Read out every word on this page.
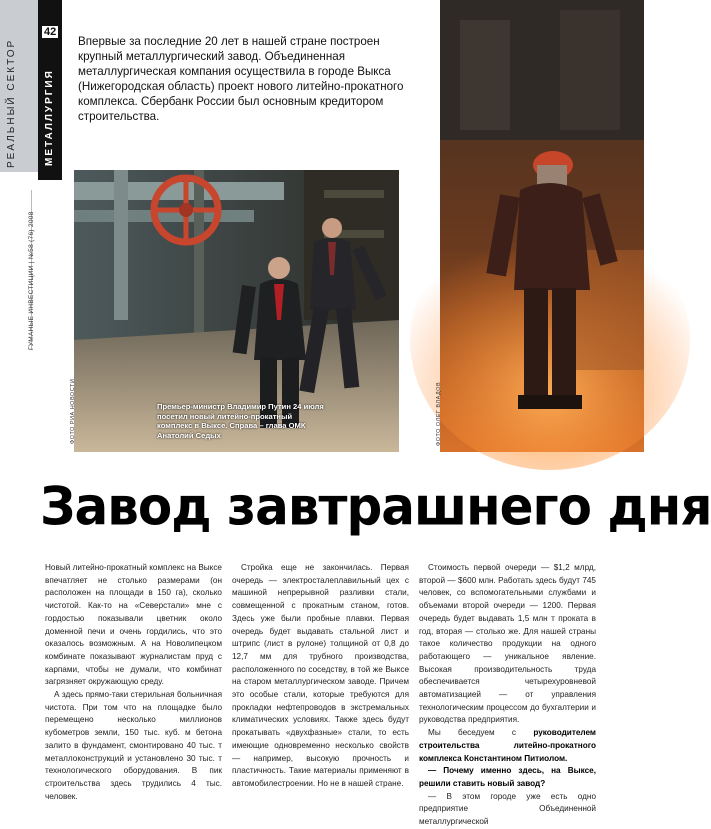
42
РЕАЛЬНЫЙ СЕКТОР	МЕТАЛЛУРГИЯ
ГУМАНЫЕ ИНВЕСТИЦИИ | №58 (76) 2008
Впервые за последние 20 лет в нашей стране построен крупный металлургический завод. Объединенная металлургическая компания осуществила в городе Выкса (Нижегородская область) проект нового литейно-прокатного комплекса. Сбербанк России был основным кредитором строительства.
Премьер-министр Владимир Путин 24 июля посетил новый литейно-прокатный комплекс в Выксе. Справа – глава ОМК Анатолий Седых
ФОТО РИА НОВОСТИ	ФОТО ОЛЕГ ВЛАДОВ
Завод завтрашнего дня

Новый литейно-прокатный комплекс на Выксе впечатляет не столько размерами (он расположен на площади в 150 га), сколько чистотой. Как-то на «Северстали» мне с гордостью показывали цветник около доменной печи и очень гордились, что это оказалось возможным. А на Новолипецком комбинате показывают журналистам пруд с карпами, чтобы не думали, что комбинат загрязняет окружающую среду.

А здесь прямо-таки стерильная больничная чистота. При том что на площадке было перемещено несколько миллионов кубометров земли, 150 тыс. куб. м бетона залито в фундамент, смонтировано 40 тыс. т металлоконструкций и установлено 30 тыс. т технологического оборудования. В пик строительства здесь трудились 4 тыс. человек.

Стройка еще не закончилась. Первая очередь — электросталеплавильный цех с машиной непрерывной разливки стали, совмещенной с прокатным станом, готов. Здесь уже были пробные плавки. Первая очередь будет выдавать стальной лист и штрипс (лист в рулоне) толщиной от 0,8 до 12,7 мм для трубного производства, расположенного по соседству, в той же Выксе на старом металлургическом заводе. Причем это особые стали, которые требуются для прокладки нефтепроводов в экстремальных климатических условиях. Также здесь будут прокатывать «двухфазные» стали, то есть имеющие одновременно несколько свойств — например, высокую прочность и пластичность. Такие материалы применяют в автомобилестроении. Но не в нашей стране.

Стоимость первой очереди — $1,2 млрд, второй — $600 млн. Работать здесь будут 745 человек, со вспомогательными службами и объемами второй очереди — 1200. Первая очередь будет выдавать 1,5 млн т проката в год, вторая — столько же. Для нашей страны такое количество продукции на одного работающего — уникальное явление. Высокая производительность труда обеспечивается четырехуровневой автоматизацией — от управления технологическим процессом до бухгалтерии и руководства предприятия.

Мы беседуем с руководителем строительства литейно-прокатного комплекса Константином Питиолом.

— Почему именно здесь, на Выксе, решили ставить новый завод?

— В этом городе уже есть одно предприятие Объединенной металлургической
